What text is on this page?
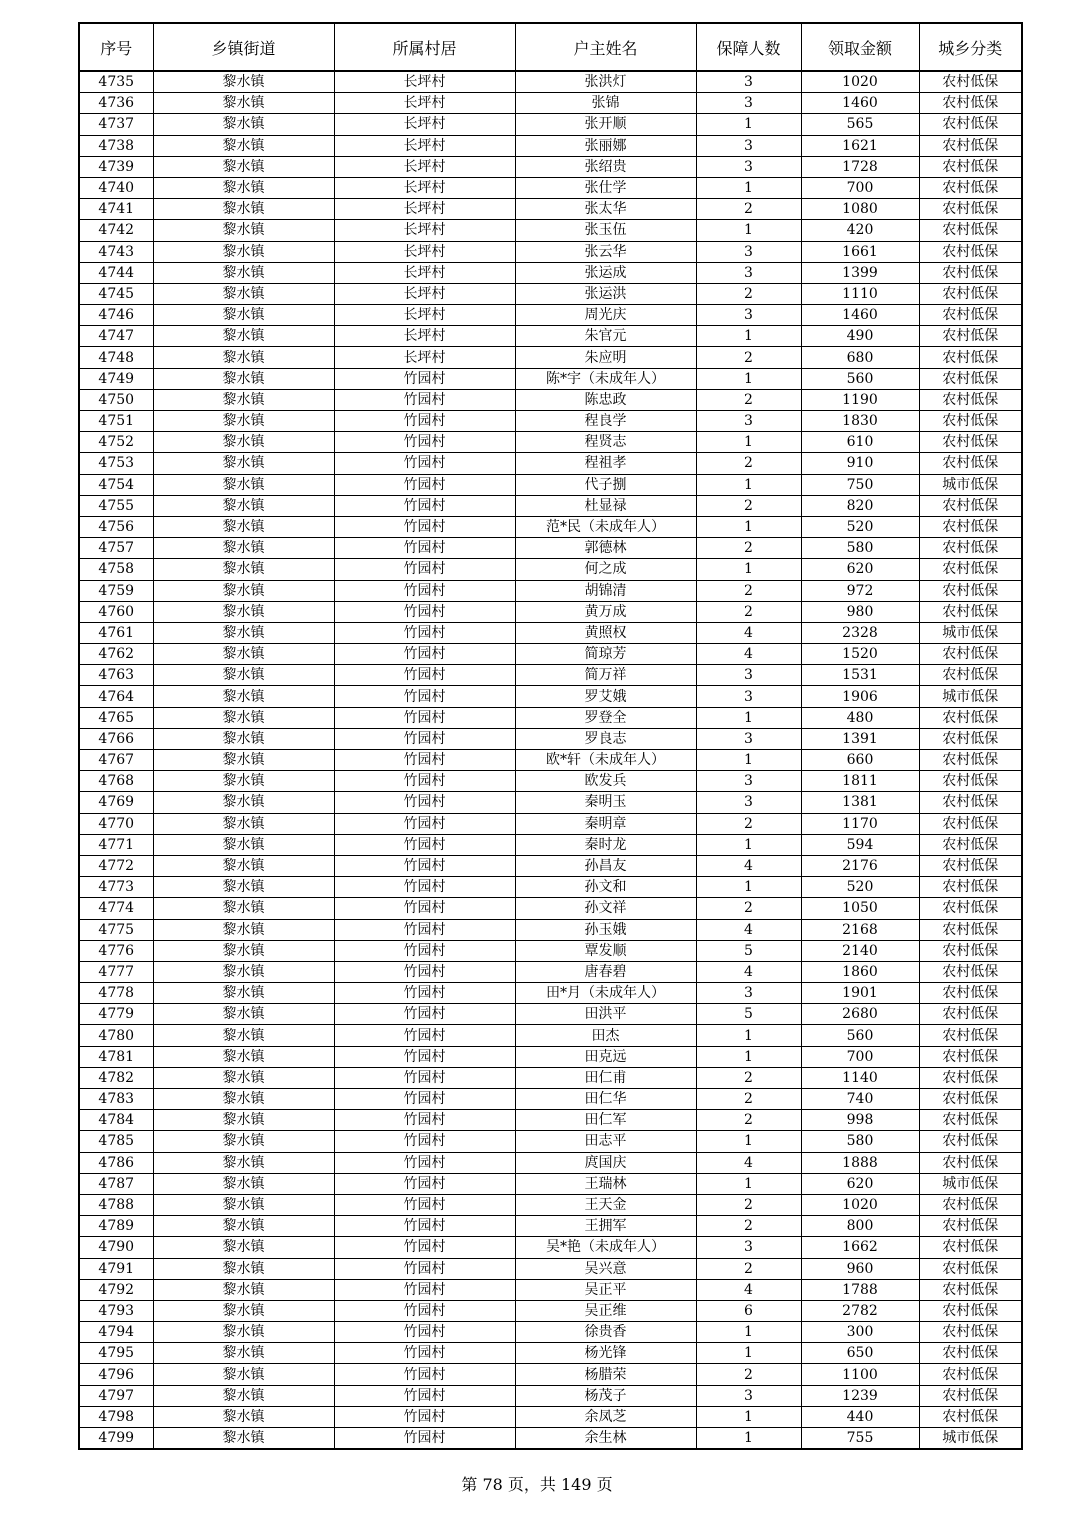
序号	乡镇街道	所属村居	户主姓名	保障人数	领取金额	城乡分类
4735	黎水镇	长坪村	张洪灯	3	1020	农村低保
4736	黎水镇	长坪村	张锦	3	1460	农村低保
4737	黎水镇	长坪村	张开顺	1	565	农村低保
4738	黎水镇	长坪村	张丽娜	3	1621	农村低保
4739	黎水镇	长坪村	张绍贵	3	1728	农村低保
4740	黎水镇	长坪村	张仕学	1	700	农村低保
4741	黎水镇	长坪村	张太华	2	1080	农村低保
4742	黎水镇	长坪村	张玉伍	1	420	农村低保
4743	黎水镇	长坪村	张云华	3	1661	农村低保
4744	黎水镇	长坪村	张运成	3	1399	农村低保
4745	黎水镇	长坪村	张运洪	2	1110	农村低保
4746	黎水镇	长坪村	周光庆	3	1460	农村低保
4747	黎水镇	长坪村	朱官元	1	490	农村低保
4748	黎水镇	长坪村	朱应明	2	680	农村低保
4749	黎水镇	竹园村	陈*宇（未成年人）	1	560	农村低保
4750	黎水镇	竹园村	陈忠政	2	1190	农村低保
4751	黎水镇	竹园村	程良学	3	1830	农村低保
4752	黎水镇	竹园村	程贤志	1	610	农村低保
4753	黎水镇	竹园村	程祖孝	2	910	农村低保
4754	黎水镇	竹园村	代子捌	1	750	城市低保
4755	黎水镇	竹园村	杜显禄	2	820	农村低保
4756	黎水镇	竹园村	范*民（未成年人）	1	520	农村低保
4757	黎水镇	竹园村	郭德林	2	580	农村低保
4758	黎水镇	竹园村	何之成	1	620	农村低保
4759	黎水镇	竹园村	胡锦清	2	972	农村低保
4760	黎水镇	竹园村	黄万成	2	980	农村低保
4761	黎水镇	竹园村	黄照权	4	2328	城市低保
4762	黎水镇	竹园村	简琼芳	4	1520	农村低保
4763	黎水镇	竹园村	简万祥	3	1531	农村低保
4764	黎水镇	竹园村	罗艾娥	3	1906	城市低保
4765	黎水镇	竹园村	罗登全	1	480	农村低保
4766	黎水镇	竹园村	罗良志	3	1391	农村低保
4767	黎水镇	竹园村	欧*轩（未成年人）	1	660	农村低保
4768	黎水镇	竹园村	欧发兵	3	1811	农村低保
4769	黎水镇	竹园村	秦明玉	3	1381	农村低保
4770	黎水镇	竹园村	秦明章	2	1170	农村低保
4771	黎水镇	竹园村	秦时龙	1	594	农村低保
4772	黎水镇	竹园村	孙昌友	4	2176	农村低保
4773	黎水镇	竹园村	孙文和	1	520	农村低保
4774	黎水镇	竹园村	孙文祥	2	1050	农村低保
4775	黎水镇	竹园村	孙玉娥	4	2168	农村低保
4776	黎水镇	竹园村	覃发顺	5	2140	农村低保
4777	黎水镇	竹园村	唐春碧	4	1860	农村低保
4778	黎水镇	竹园村	田*月（未成年人）	3	1901	农村低保
4779	黎水镇	竹园村	田洪平	5	2680	农村低保
4780	黎水镇	竹园村	田杰	1	560	农村低保
4781	黎水镇	竹园村	田克远	1	700	农村低保
4782	黎水镇	竹园村	田仁甫	2	1140	农村低保
4783	黎水镇	竹园村	田仁华	2	740	农村低保
4784	黎水镇	竹园村	田仁军	2	998	农村低保
4785	黎水镇	竹园村	田志平	1	580	农村低保
4786	黎水镇	竹园村	庹国庆	4	1888	农村低保
4787	黎水镇	竹园村	王瑞林	1	620	城市低保
4788	黎水镇	竹园村	王天金	2	1020	农村低保
4789	黎水镇	竹园村	王拥军	2	800	农村低保
4790	黎水镇	竹园村	吴*艳（未成年人）	3	1662	农村低保
4791	黎水镇	竹园村	吴兴意	2	960	农村低保
4792	黎水镇	竹园村	吴正平	4	1788	农村低保
4793	黎水镇	竹园村	吴正维	6	2782	农村低保
4794	黎水镇	竹园村	徐贵香	1	300	农村低保
4795	黎水镇	竹园村	杨光锋	1	650	农村低保
4796	黎水镇	竹园村	杨腊荣	2	1100	农村低保
4797	黎水镇	竹园村	杨茂子	3	1239	农村低保
4798	黎水镇	竹园村	余凤芝	1	440	农村低保
4799	黎水镇	竹园村	余生林	1	755	城市低保
第 78 页，共 149 页
